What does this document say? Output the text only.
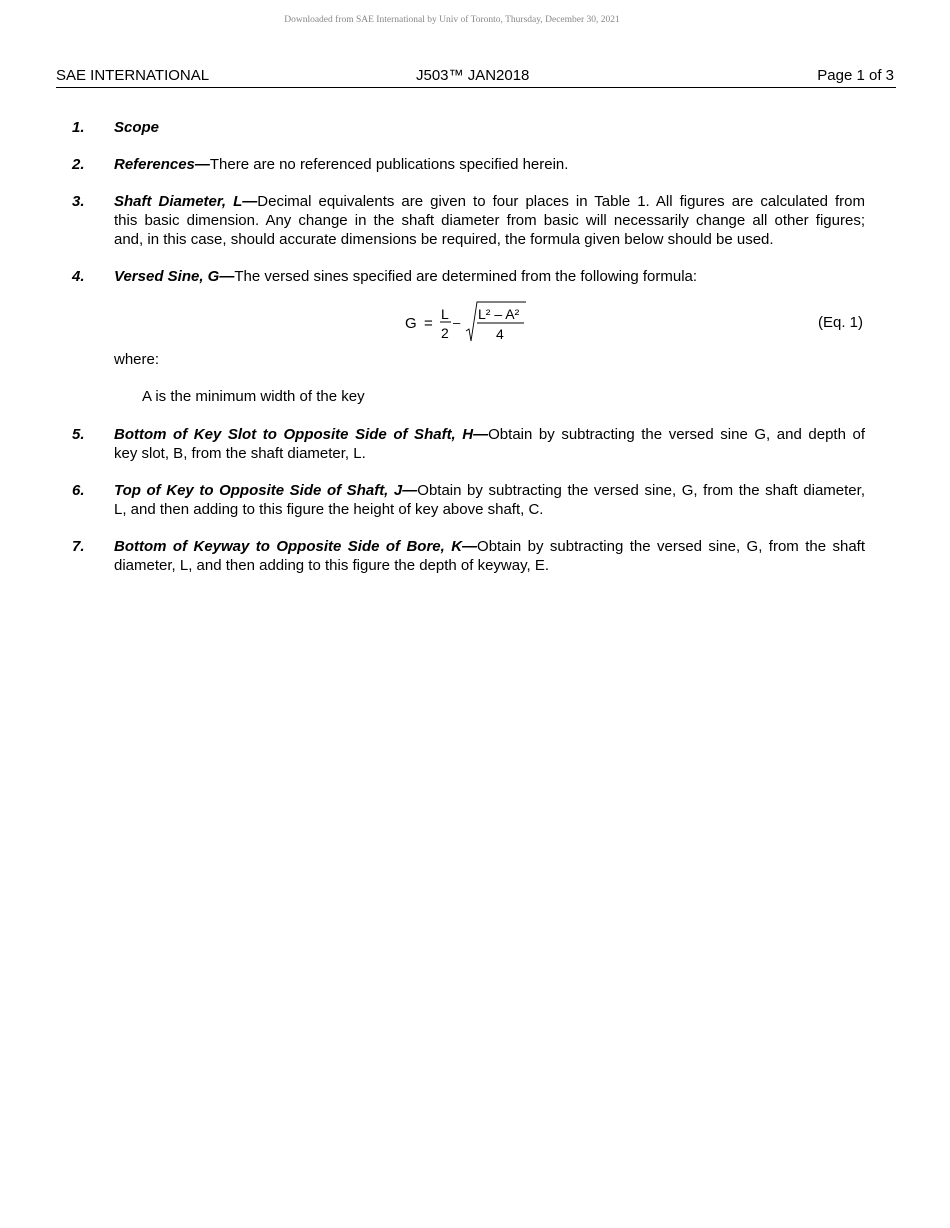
Downloaded from SAE International by Univ of Toronto, Thursday, December 30, 2021
SAE INTERNATIONAL	J503™ JAN2018	Page 1 of 3
1. Scope
2. References—There are no referenced publications specified herein.
3. Shaft Diameter, L—Decimal equivalents are given to four places in Table 1. All figures are calculated from
this basic dimension. Any change in the shaft diameter from basic will necessarily change all other figures;
and, in this case, should accurate dimensions be required, the formula given below should be used.
4. Versed Sine, G—The versed sines specified are determined from the following formula:
G =
L
2
–
L² – A²
4
(Eq. 1)
where:
A is the minimum width of the key
5. Bottom of Key Slot to Opposite Side of Shaft, H—Obtain by subtracting the versed sine G, and depth of
key slot, B, from the shaft diameter, L.
6. Top of Key to Opposite Side of Shaft, J—Obtain by subtracting the versed sine, G, from the shaft diameter,
L, and then adding to this figure the height of key above shaft, C.
7. Bottom of Keyway to Opposite Side of Bore, K—Obtain by subtracting the versed sine, G, from the shaft
diameter, L, and then adding to this figure the depth of keyway, E.
